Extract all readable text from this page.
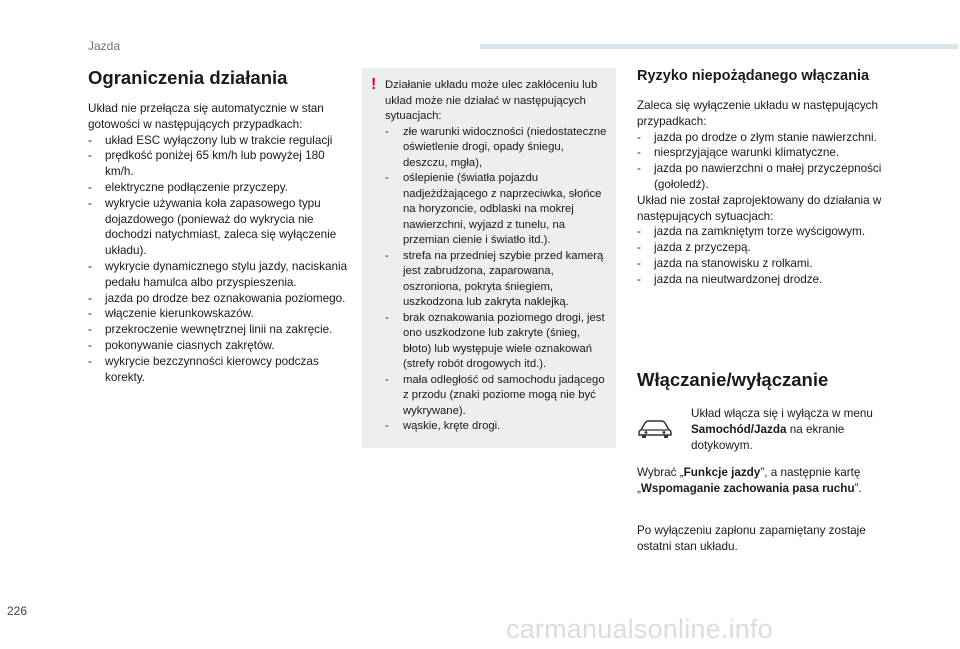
Jazda
Ograniczenia działania

Układ nie przełącza się automatycznie w stan gotowości w następujących przypadkach:

- układ ESC wyłączony lub w trakcie regulacji
- prędkość poniżej 65 km/h lub powyżej 180 km/h.
- elektryczne podłączenie przyczepy.
- wykrycie używania koła zapasowego typu dojazdowego (ponieważ do wykrycia nie dochodzi natychmiast, zaleca się wyłączenie układu).
- wykrycie dynamicznego stylu jazdy, naciskania pedału hamulca albo przyspieszenia.
- jazda po drodze bez oznakowania poziomego.
- włączenie kierunkowskazów.
- przekroczenie wewnętrznej linii na zakręcie.
- pokonywanie ciasnych zakrętów.
- wykrycie bezczynności kierowcy podczas korekty.
! Działanie układu może ulec zakłóceniu lub układ może nie działać w następujących sytuacjach:

- złe warunki widoczności (niedostateczne oświetlenie drogi, opady śniegu, deszczu, mgła),
- oślepienie (światła pojazdu nadjeżdżającego z naprzeciwka, słońce na horyzoncie, odblaski na mokrej nawierzchni, wyjazd z tunelu, na przemian cienie i światło itd.).
- strefa na przedniej szybie przed kamerą jest zabrudzona, zaparowana, oszroniona, pokryta śniegiem, uszkodzona lub zakryta naklejką.
- brak oznakowania poziomego drogi, jest ono uszkodzone lub zakryte (śnieg, błoto) lub występuje wiele oznakowań (strefy robót drogowych itd.).
- mała odległość od samochodu jadącego z przodu (znaki poziome mogą nie być wykrywane).
- wąskie, kręte drogi.
Ryzyko niepożądanego włączania

Zaleca się wyłączenie układu w następujących przypadkach:

- jazda po drodze o złym stanie nawierzchni.
- niesprzyjające warunki klimatyczne.
- jazda po nawierzchni o małej przyczepności (gołoledź).

Układ nie został zaprojektowany do działania w następujących sytuacjach:

- jazda na zamkniętym torze wyścigowym.
- jazda z przyczepą.
- jazda na stanowisku z rolkami.
- jazda na nieutwardzonej drodze.
Włączanie/wyłączanie

Układ włącza się i wyłącza w menu Samochód/Jazda na ekranie dotykowym.

Wybrać „Funkcje jazdy”, a następnie kartę „Wspomaganie zachowania pasa ruchu”.

Po wyłączeniu zapłonu zapamiętany zostaje ostatni stan układu.

226
carmanualsonline.info
